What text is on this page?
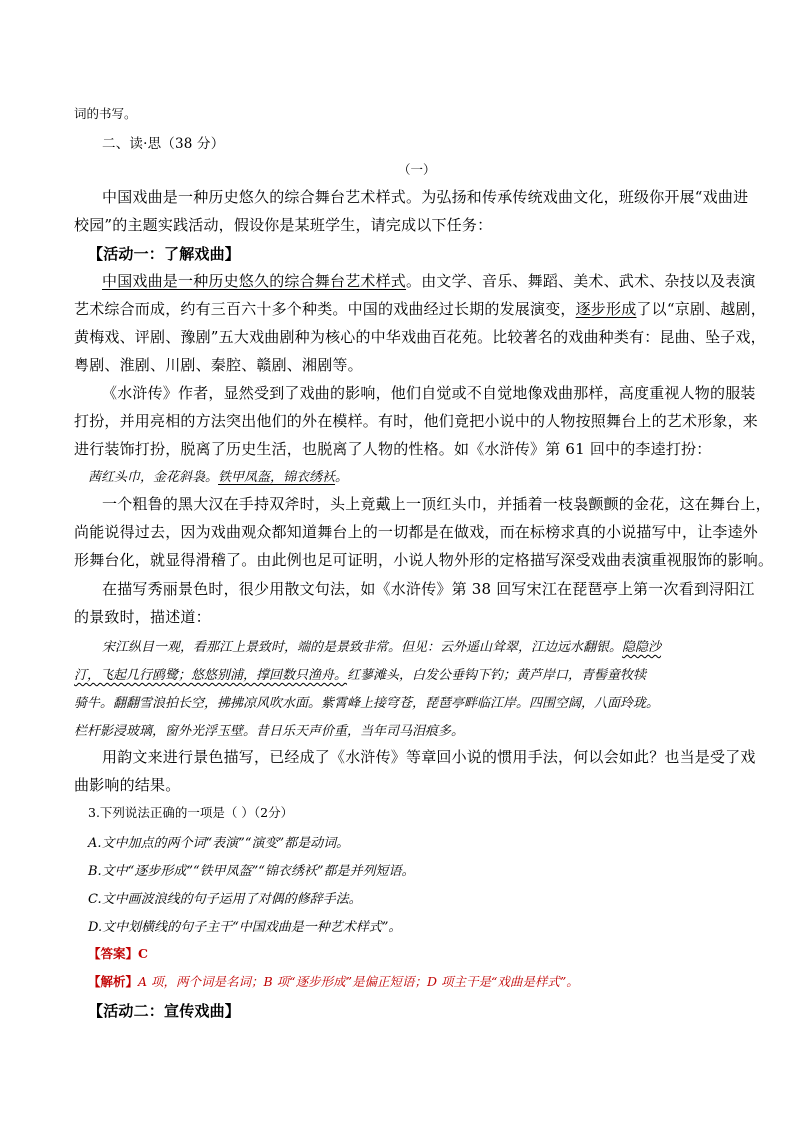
词的书写。
二、读·思（38 分）
（一）
中国戏曲是一种历史悠久的综合舞台艺术样式。为弘扬和传承传统戏曲文化，班级你开展“戏曲进
校园”的主题实践活动，假设你是某班学生，请完成以下任务：
【活动一：了解戏曲】
中国戏曲是一种历史悠久的综合舞台艺术样式。由文学、音乐、舞蹈、美术、武术、杂技以及表演
艺术综合而成，约有三百六十多个种类。中国的戏曲经过长期的发展演变，逐步形成了以“京剧、越剧，
黄梅戏、评剧、豫剧”五大戏曲剧种为核心的中华戏曲百花苑。比较著名的戏曲种类有：昆曲、坠子戏，
粤剧、淮剧、川剧、秦腔、赣剧、湘剧等。
《水浒传》作者，显然受到了戏曲的影响，他们自觉或不自觉地像戏曲那样，高度重视人物的服装
打扮，并用亮相的方法突出他们的外在模样。有时，他们竟把小说中的人物按照舞台上的艺术形象，来
进行装饰打扮，脱离了历史生活，也脱离了人物的性格。如《水浒传》第 61 回中的李逵打扮：
茜红头巾，金花斜袅。铁甲凤盔，锦衣绣袄。
一个粗鲁的黑大汉在手持双斧时，头上竟戴上一顶红头巾，并插着一枝袅颤颤的金花，这在舞台上，
尚能说得过去，因为戏曲观众都知道舞台上的一切都是在做戏，而在标榜求真的小说描写中，让李逵外
形舞台化，就显得滑稽了。由此例也足可证明，小说人物外形的定格描写深受戏曲表演重视服饰的影响。
在描写秀丽景色时，很少用散文句法，如《水浒传》第 38 回写宋江在琵琶亭上第一次看到浔阳江
的景致时，描述道：
宋江纵目一观，看那江上景致时，端的是景致非常。但见：云外遥山耸翠，江边远水翻银。隐隐沙
汀，飞起几行鸥鹭；悠悠别浦，撑回数只渔舟。红蓼滩头，白发公垂钩下钓；黄芦岸口，青髻童牧犊
骑牛。翻翻雪浪拍长空，拂拂凉风吹水面。紫霄峰上接穹苍，琵琶亭畔临江岸。四围空阔，八面玲珑。
栏杆影浸玻璃，窗外光浮玉壁。昔日乐天声价重，当年司马泪痕多。
用韵文来进行景色描写，已经成了《水浒传》等章回小说的惯用手法，何以会如此？也当是受了戏
曲影响的结果。
3.下列说法正确的一项是（ ）（2分）
A.文中加点的两个词“表演”“演变”都是动词。
B.文中“逐步形成”“铁甲凤盔”“锦衣绣袄”都是并列短语。
C.文中画波浪线的句子运用了对偶的修辞手法。
D.文中划横线的句子主干“中国戏曲是一种艺术样式”。
【答案】C
【解析】A 项，两个词是名词；B 项“逐步形成”是偏正短语；D 项主干是“戏曲是样式”。
【活动二：宣传戏曲】
